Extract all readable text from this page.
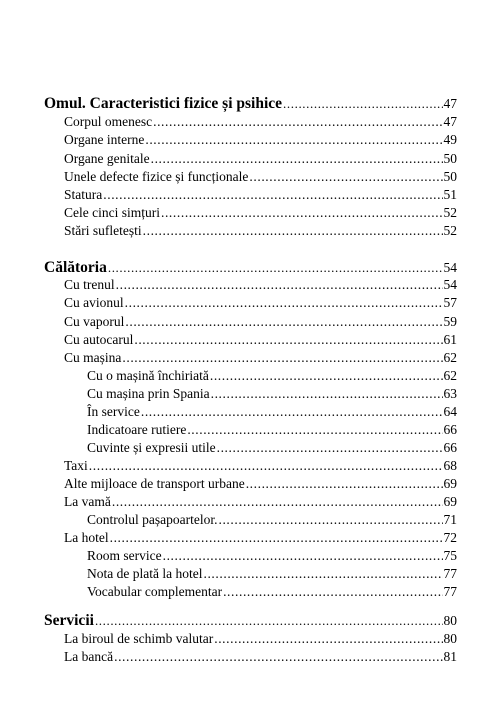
Omul. Caracteristici fizice și psihice .....	47
Corpul omenesc .....	47
Organe interne .....	49
Organe genitale .....	50
Unele defecte fizice și funcționale .....	50
Statura .....	51
Cele cinci simțuri .....	52
Stări sufletești .....	52
Călătoria .....	54
Cu trenul .....	54
Cu avionul .....	57
Cu vaporul .....	59
Cu autocarul .....	61
Cu mașina .....	62
Cu o mașină închiriată .....	62
Cu mașina prin Spania .....	63
În service .....	64
Indicatoare rutiere .....	66
Cuvinte și expresii utile .....	66
Taxi .....	68
Alte mijloace de transport urbane .....	69
La vamă .....	69
Controlul pașapoartelor. .....	71
La hotel .....	72
Room service .....	75
Nota de plată la hotel .....	77
Vocabular complementar .....	77
Servicii .....	80
La biroul de schimb valutar .....	80
La bancă .....	81
